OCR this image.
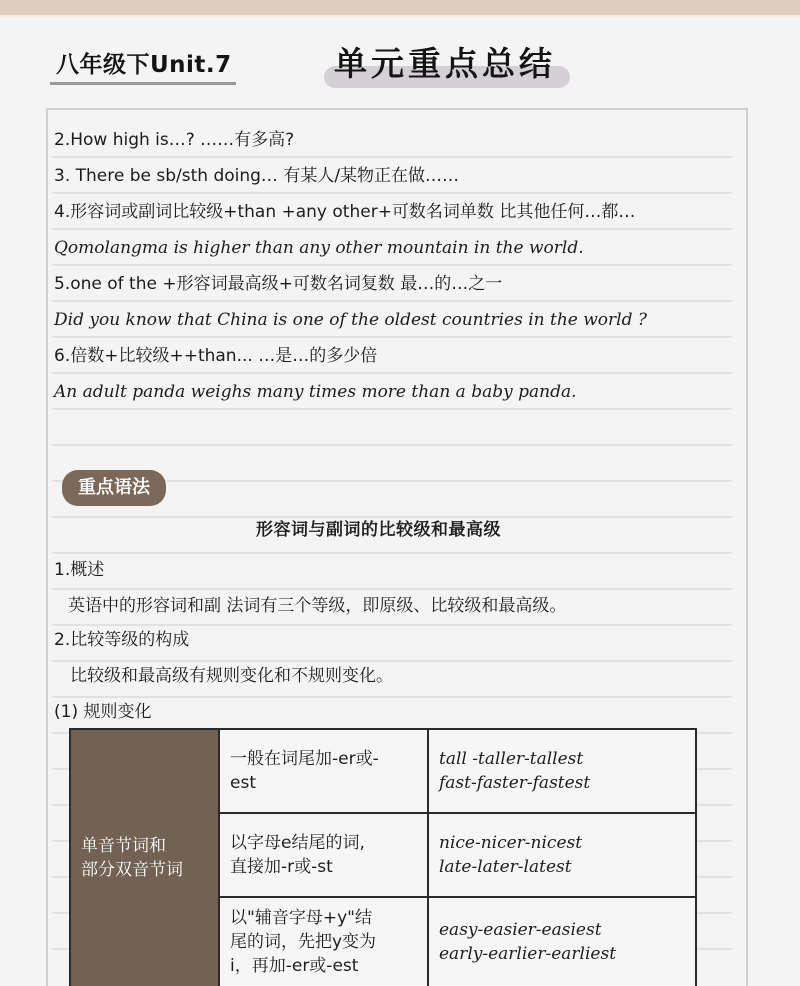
八年级下Unit.7	单元重点总结
2.How high is…? ……有多高?
3. There be sb/sth doing… 有某人/某物正在做……
4.形容词或副词比较级+than +any other+可数名词单数 比其他任何…都…
Qomolangma is higher than any other mountain in the world.
5.one of the +形容词最高级+可数名词复数 最…的…之一
Did you know that China is one of the oldest countries in the world ?
6.倍数+比较级++than... …是…的多少倍
An adult panda weighs many times more than a baby panda.
重点语法
形容词与副词的比较级和最高级
1.概述
英语中的形容词和副 法词有三个等级，即原级、比较级和最高级。
2.比较等级的构成
比较级和最高级有规则变化和不规则变化。
(1) 规则变化
单音节词和
部分双音节词	一般在词尾加-er或-
est	tall -taller-tallest
fast-faster-fastest

	以字母e结尾的词,
直接加-r或-st	nice-nicer-nicest
late-later-latest

	以"辅音字母+y"结
尾的词，先把y变为
i，再加-er或-est	easy-easier-easiest
early-earlier-earliest
